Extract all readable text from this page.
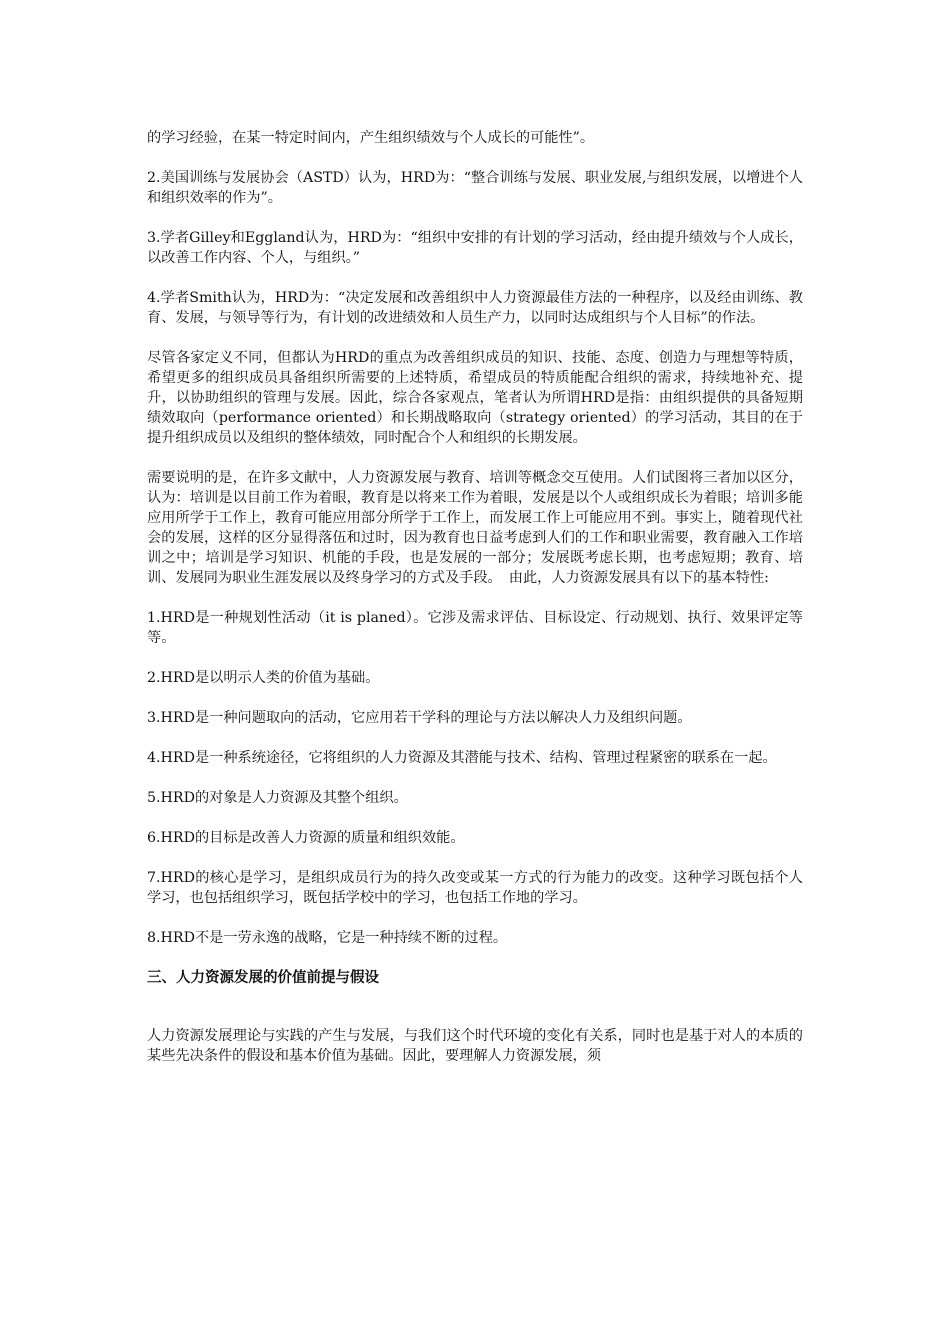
的学习经验，在某一特定时间内，产生组织绩效与个人成长的可能性”。

2.美国训练与发展协会（ASTD）认为，HRD为：“整合训练与发展、职业发展,与组织发展，以增进个人和组织效率的作为”。

3.学者Gilley和Eggland认为，HRD为：“组织中安排的有计划的学习活动，经由提升绩效与个人成长，以改善工作内容、个人，与组织。”

4.学者Smith认为，HRD为：“决定发展和改善组织中人力资源最佳方法的一种程序，以及经由训练、教育、发展，与领导等行为，有计划的改进绩效和人员生产力，以同时达成组织与个人目标”的作法。

尽管各家定义不同，但都认为HRD的重点为改善组织成员的知识、技能、态度、创造力与理想等特质，希望更多的组织成员具备组织所需要的上述特质，希望成员的特质能配合组织的需求，持续地补充、提升，以协助组织的管理与发展。因此，综合各家观点，笔者认为所谓HRD是指：由组织提供的具备短期绩效取向（performance oriented）和长期战略取向（strategy oriented）的学习活动，其目的在于提升组织成员以及组织的整体绩效，同时配合个人和组织的长期发展。

需要说明的是，在许多文献中，人力资源发展与教育、培训等概念交互使用。人们试图将三者加以区分，认为：培训是以目前工作为着眼，教育是以将来工作为着眼，发展是以个人或组织成长为着眼；培训多能应用所学于工作上，教育可能应用部分所学于工作上，而发展工作上可能应用不到。事实上，随着现代社会的发展，这样的区分显得落伍和过时，因为教育也日益考虑到人们的工作和职业需要，教育融入工作培训之中；培训是学习知识、机能的手段，也是发展的一部分；发展既考虑长期，也考虑短期；教育、培训、发展同为职业生涯发展以及终身学习的方式及手段。　由此，人力资源发展具有以下的基本特性:

1.HRD是一种规划性活动（it is planed）。它涉及需求评估、目标设定、行动规划、执行、效果评定等等。

2.HRD是以明示人类的价值为基础。

3.HRD是一种问题取向的活动，它应用若干学科的理论与方法以解决人力及组织问题。

4.HRD是一种系统途径，它将组织的人力资源及其潜能与技术、结构、管理过程紧密的联系在一起。

5.HRD的对象是人力资源及其整个组织。

6.HRD的目标是改善人力资源的质量和组织效能。

7.HRD的核心是学习，是组织成员行为的持久改变或某一方式的行为能力的改变。这种学习既包括个人学习，也包括组织学习，既包括学校中的学习，也包括工作地的学习。

8.HRD不是一劳永逸的战略，它是一种持续不断的过程。

三、人力资源发展的价值前提与假设

人力资源发展理论与实践的产生与发展，与我们这个时代环境的变化有关系，同时也是基于对人的本质的某些先决条件的假设和基本价值为基础。因此，要理解人力资源发展，须
